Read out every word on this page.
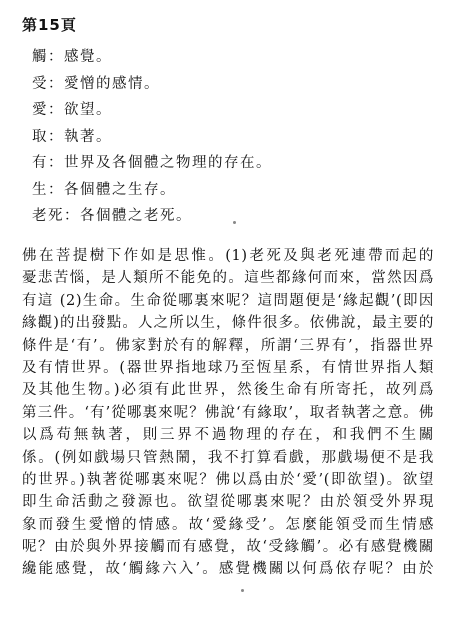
第15頁
觸：感覺。
受：愛憎的感情。
愛：欲望。
取：執著。
有：世界及各個體之物理的存在。
生：各個體之生存。
老死：各個體之老死。
佛在菩提樹下作如是思惟。(1)老死及與老死連帶而起的
憂悲苦惱，是人類所不能免的。這些都緣何而來，當然因爲
有這 (2)生命。生命從哪裏來呢？這問題便是‘緣起觀’(即因
緣觀)的出發點。人之所以生，條件很多。依佛說，最主要的
條件是‘有’。佛家對於有的解釋，所謂‘三界有’，指器世界
及有情世界。(器世界指地球乃至恆星系，有情世界指人類
及其他生物。)必須有此世界，然後生命有所寄托，故列爲
第三件。‘有’從哪裏來呢？佛說‘有緣取’，取者執著之意。佛
以爲苟無執著，則三界不過物理的存在，和我們不生關
係。(例如戲場只管熱鬧，我不打算看戲，那戲場便不是我
的世界。)執著從哪裏來呢？佛以爲由於‘愛’(即欲望)。欲望
即生命活動之發源也。欲望從哪裏來呢？由於領受外界現
象而發生愛憎的情感。故‘愛緣受’。怎麼能領受而生情感
呢？由於與外界接觸而有感覺，故‘受緣觸’。必有感覺機關
纔能感覺，故‘觸緣六入’。感覺機關以何爲依存呢？由於
